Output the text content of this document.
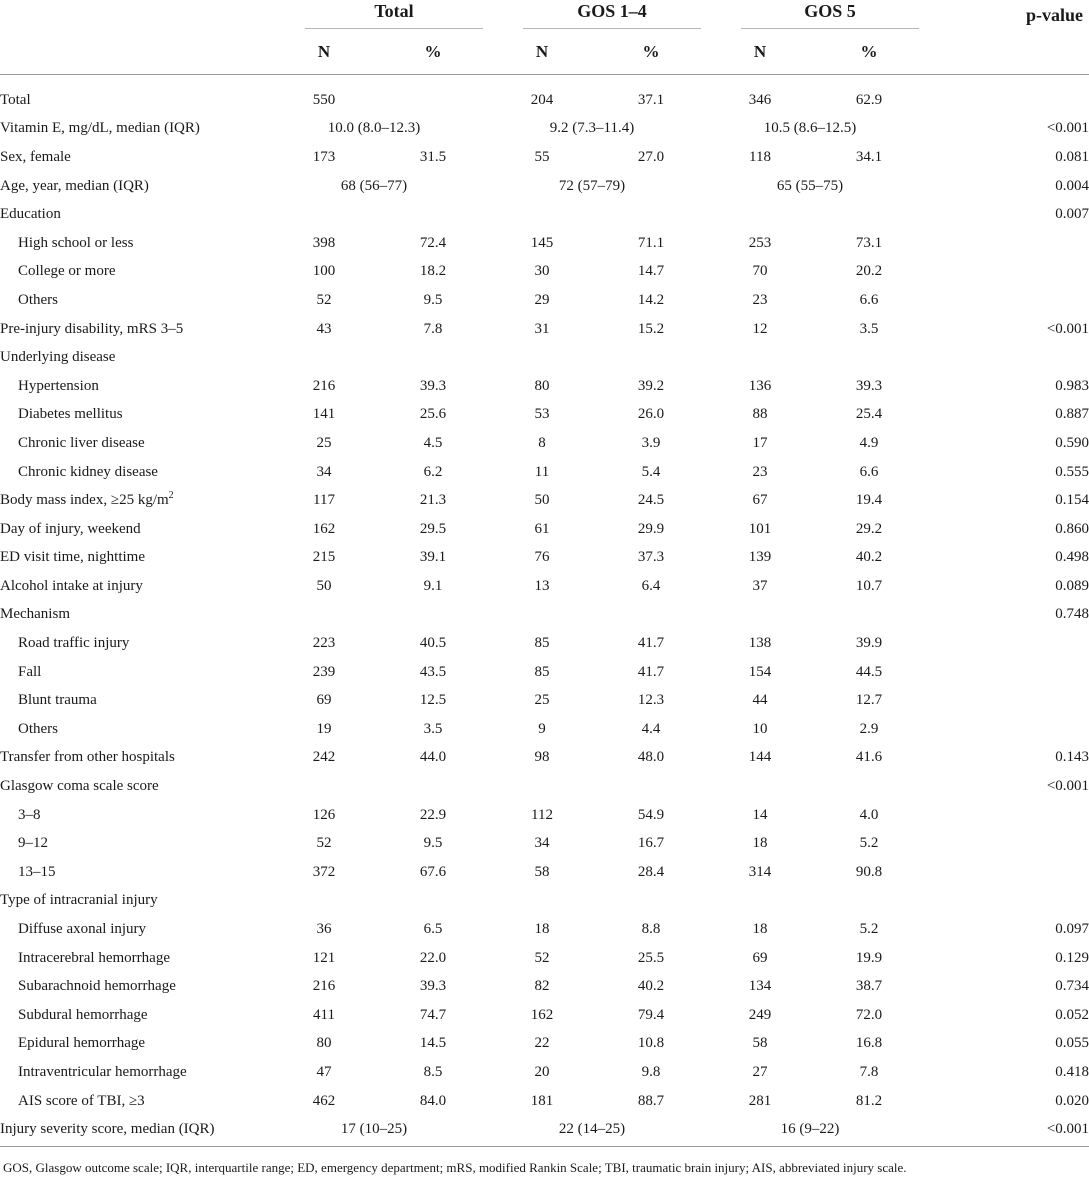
	Total		GOS 1–4		GOS 5		p-value
	N	%	N	%	N	%	

Total	550		204	37.1	346	62.9	
Vitamin E, mg/dL, median (IQR)	10.0 (8.0–12.3)		9.2 (7.3–11.4)		10.5 (8.6–12.5)		<0.001
Sex, female	173	31.5	55	27.0	118	34.1	0.081
Age, year, median (IQR)	68 (56–77)		72 (57–79)		65 (55–75)		0.004
Education							0.007
High school or less	398	72.4	145	71.1	253	73.1	
College or more	100	18.2	30	14.7	70	20.2	
Others	52	9.5	29	14.2	23	6.6	
Pre-injury disability, mRS 3–5	43	7.8	31	15.2	12	3.5	<0.001
Underlying disease							
Hypertension	216	39.3	80	39.2	136	39.3	0.983
Diabetes mellitus	141	25.6	53	26.0	88	25.4	0.887
Chronic liver disease	25	4.5	8	3.9	17	4.9	0.590
Chronic kidney disease	34	6.2	11	5.4	23	6.6	0.555
Body mass index, ≥25 $kg/m^2$	117	21.3	50	24.5	67	19.4	0.154
Day of injury, weekend	162	29.5	61	29.9	101	29.2	0.860
ED visit time, nighttime	215	39.1	76	37.3	139	40.2	0.498
Alcohol intake at injury	50	9.1	13	6.4	37	10.7	0.089
Mechanism							0.748
Road traffic injury	223	40.5	85	41.7	138	39.9	
Fall	239	43.5	85	41.7	154	44.5	
Blunt trauma	69	12.5	25	12.3	44	12.7	
Others	19	3.5	9	4.4	10	2.9	
Transfer from other hospitals	242	44.0	98	48.0	144	41.6	0.143
Glasgow coma scale score							<0.001
3–8	126	22.9	112	54.9	14	4.0	
9–12	52	9.5	34	16.7	18	5.2	
13–15	372	67.6	58	28.4	314	90.8	
Type of intracranial injury							
Diffuse axonal injury	36	6.5	18	8.8	18	5.2	0.097
Intracerebral hemorrhage	121	22.0	52	25.5	69	19.9	0.129
Subarachnoid hemorrhage	216	39.3	82	40.2	134	38.7	0.734
Subdural hemorrhage	411	74.7	162	79.4	249	72.0	0.052
Epidural hemorrhage	80	14.5	22	10.8	58	16.8	0.055
Intraventricular hemorrhage	47	8.5	20	9.8	27	7.8	0.418
AIS score of TBI, ≥3	462	84.0	181	88.7	281	81.2	0.020
Injury severity score, median (IQR)	17 (10–25)		22 (14–25)		16 (9–22)		<0.001
GOS, Glasgow outcome scale; IQR, interquartile range; ED, emergency department; mRS, modified Rankin Scale; TBI, traumatic brain injury; AIS, abbreviated injury scale.
